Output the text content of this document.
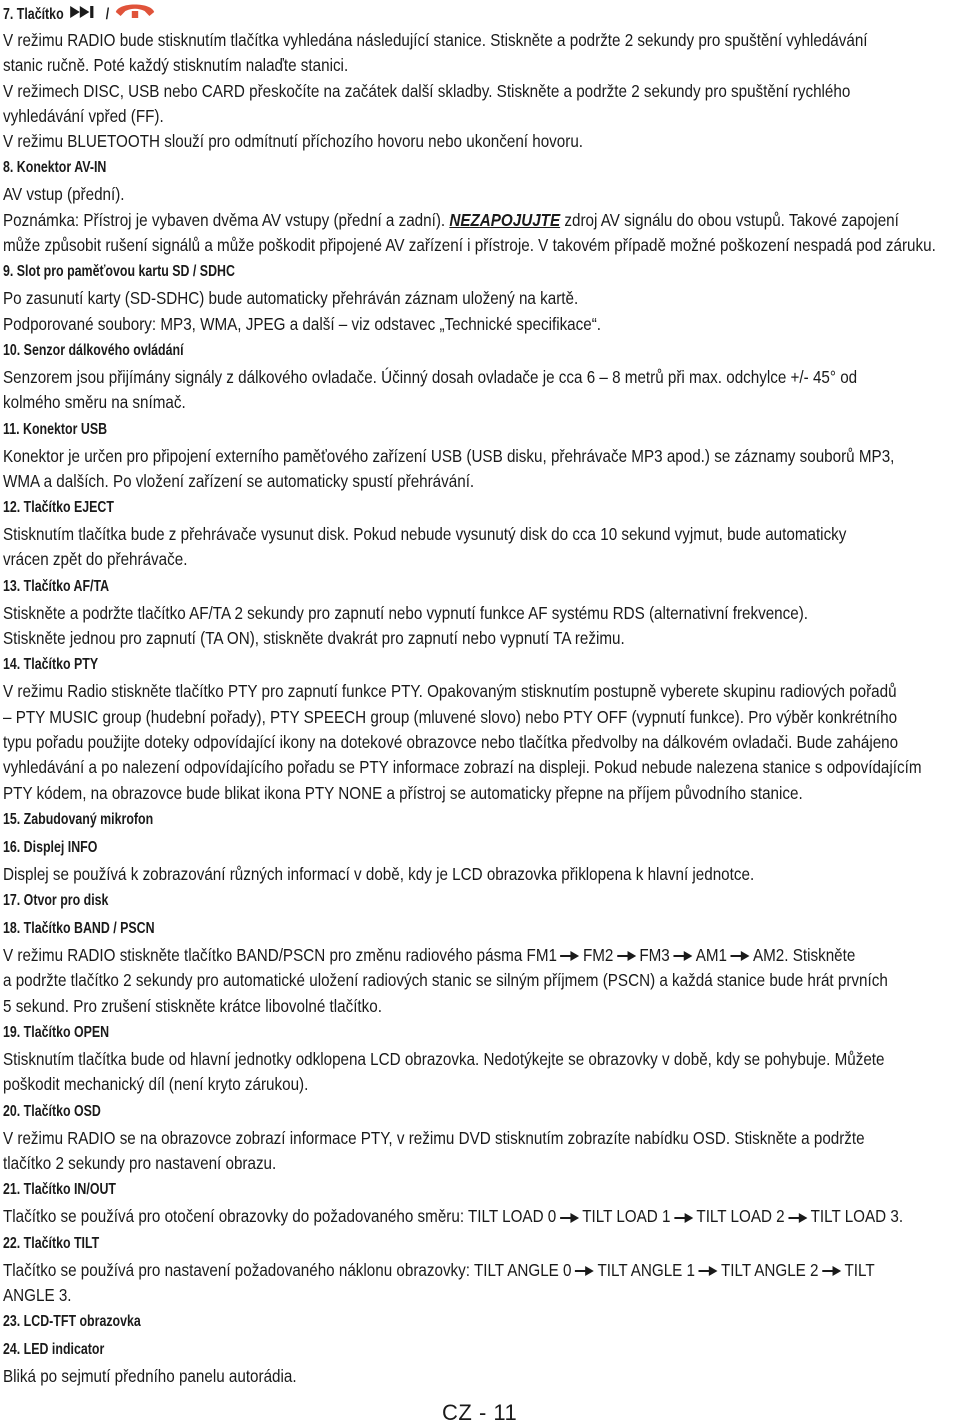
7. Tlačítko	/
V režimu RADIO bude stisknutím tlačítka vyhledána následující stanice. Stiskněte a podržte 2 sekundy pro spuštění vyhledávání
stanic ručně. Poté každý stisknutím nalaďte stanici.
V režimech DISC, USB nebo CARD přeskočíte na začátek další skladby. Stiskněte a podržte 2 sekundy pro spuštění rychlého
vyhledávání vpřed (FF).
V režimu BLUETOOTH slouží pro odmítnutí příchozího hovoru nebo ukončení hovoru.
8. Konektor AV-IN
AV vstup (přední).
Poznámka: Přístroj je vybaven dvěma AV vstupy (přední a zadní). NEZAPOJUJTE zdroj AV signálu do obou vstupů. Takové zapojení
může způsobit rušení signálů a může poškodit připojené AV zařízení i přístroje. V takovém případě možné poškození nespadá pod záruku.
9. Slot pro paměťovou kartu SD / SDHC
Po zasunutí karty (SD-SDHC) bude automaticky přehráván záznam uložený na kartě.
Podporované soubory: MP3, WMA, JPEG a další – viz odstavec „Technické specifikace“.
10. Senzor dálkového ovládání
Senzorem jsou přijímány signály z dálkového ovladače. Účinný dosah ovladače je cca 6 – 8 metrů při max. odchylce +/- 45° od
kolmého směru na snímač.
11. Konektor USB
Konektor je určen pro připojení externího paměťového zařízení USB (USB disku, přehrávače MP3 apod.) se záznamy souborů MP3,
WMA a dalších. Po vložení zařízení se automaticky spustí přehrávání.
12. Tlačítko EJECT
Stisknutím tlačítka bude z přehrávače vysunut disk. Pokud nebude vysunutý disk do cca 10 sekund vyjmut, bude automaticky
vrácen zpět do přehrávače.
13. Tlačítko AF/TA
Stiskněte a podržte tlačítko AF/TA 2 sekundy pro zapnutí nebo vypnutí funkce AF systému RDS (alternativní frekvence).
Stiskněte jednou pro zapnutí (TA ON), stiskněte dvakrát pro zapnutí nebo vypnutí TA režimu.
14. Tlačítko PTY
V režimu Radio stiskněte tlačítko PTY pro zapnutí funkce PTY. Opakovaným stisknutím postupně vyberete skupinu radiových pořadů
– PTY MUSIC group (hudební pořady), PTY SPEECH group (mluvené slovo) nebo PTY OFF (vypnutí funkce). Pro výběr konkrétního
typu pořadu použijte doteky odpovídající ikony na dotekové obrazovce nebo tlačítka předvolby na dálkovém ovladači. Bude zahájeno
vyhledávání a po nalezení odpovídajícího pořadu se PTY informace zobrazí na displeji. Pokud nebude nalezena stanice s odpovídajícím
PTY kódem, na obrazovce bude blikat ikona PTY NONE a přístroj se automaticky přepne na příjem původního stanice.
15. Zabudovaný mikrofon
16. Displej INFO
Displej se používá k zobrazování různých informací v době, kdy je LCD obrazovka přiklopena k hlavní jednotce.
17. Otvor pro disk
18. Tlačítko BAND / PSCN
V režimu RADIO stiskněte tlačítko BAND/PSCN pro změnu radiového pásma FM1 FM2 FM3 AM1 AM2. Stiskněte
a podržte tlačítko 2 sekundy pro automatické uložení radiových stanic se silným příjmem (PSCN) a každá stanice bude hrát prvních
5 sekund. Pro zrušení stiskněte krátce libovolné tlačítko.
19. Tlačítko OPEN
Stisknutím tlačítka bude od hlavní jednotky odklopena LCD obrazovka. Nedotýkejte se obrazovky v době, kdy se pohybuje. Můžete
poškodit mechanický díl (není kryto zárukou).
20. Tlačítko OSD
V režimu RADIO se na obrazovce zobrazí informace PTY, v režimu DVD stisknutím zobrazíte nabídku OSD. Stiskněte a podržte
tlačítko 2 sekundy pro nastavení obrazu.
21. Tlačítko IN/OUT
Tlačítko se používá pro otočení obrazovky do požadovaného směru: TILT LOAD 0 TILT LOAD 1 TILT LOAD 2 TILT LOAD 3.
22. Tlačítko TILT
Tlačítko se používá pro nastavení požadovaného náklonu obrazovky: TILT ANGLE 0 TILT ANGLE 1 TILT ANGLE 2 TILT
ANGLE 3.
23. LCD-TFT obrazovka
24. LED indicator
Bliká po sejmutí předního panelu autorádia.
CZ - 11
